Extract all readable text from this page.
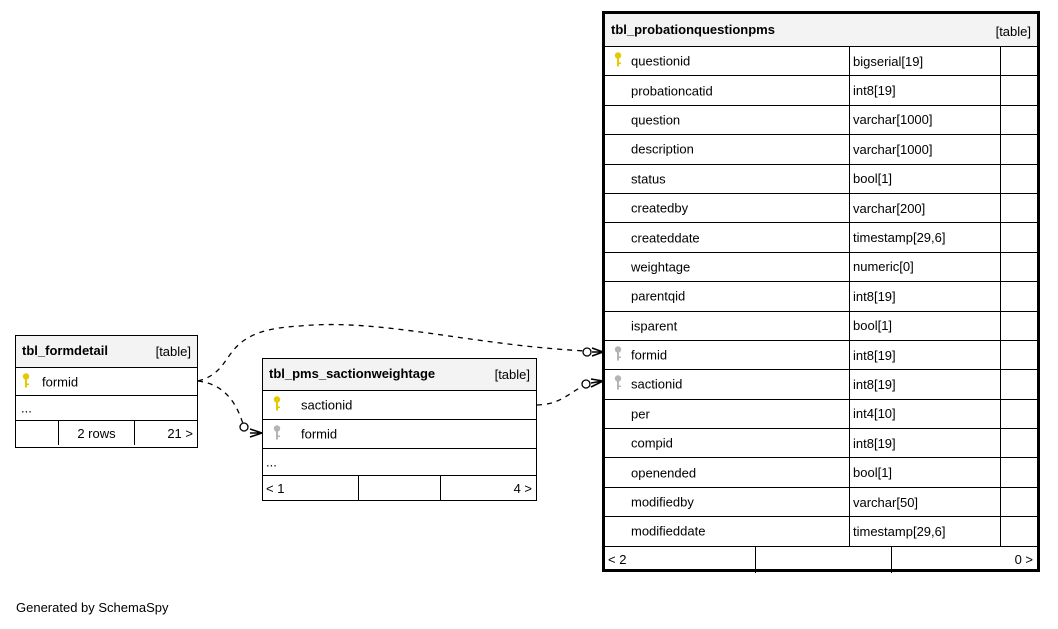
tbl_formdetail	[table]
formid
...
2 rows	21 >
tbl_pms_sactionweightage	[table]
sactionid
formid
...
< 1	4 >
tbl_probationquestionpms	[table]
questionid	bigserial[19]
probationcatid	int8[19]
question	varchar[1000]
description	varchar[1000]
status	bool[1]
createdby	varchar[200]
createddate	timestamp[29,6]
weightage	numeric[0]
parentqid	int8[19]
isparent	bool[1]
formid	int8[19]
sactionid	int8[19]
per	int4[10]
compid	int8[19]
openended	bool[1]
modifiedby	varchar[50]
modifieddate	timestamp[29,6]
< 2	0 >
Generated by SchemaSpy
